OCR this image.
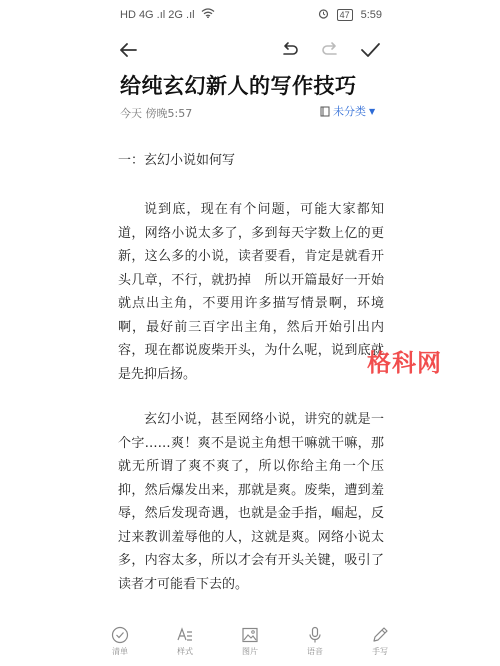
HD 4G .ıl 2G .ıl	47 5:59
给纯玄幻新人的写作技巧
今天 傍晚5:57	未分类 ▼

一：玄幻小说如何写

说到底，现在有个问题，可能大家都知道，网络小说太多了，多到每天字数上亿的更新，这么多的小说，读者要看，肯定是就看开头几章，不行，就扔掉　所以开篇最好一开始就点出主角，不要用许多描写情景啊，环境啊，最好前三百字出主角，然后开始引出内容，现在都说废柴开头，为什么呢，说到底就是先抑后扬。

玄幻小说，甚至网络小说，讲究的就是一个字……爽！爽不是说主角想干嘛就干嘛，那就无所谓了爽不爽了，所以你给主角一个压抑，然后爆发出来，那就是爽。废柴，遭到羞辱，然后发现奇遇，也就是金手指，崛起，反过来教训羞辱他的人，这就是爽。网络小说太多，内容太多，所以才会有开头关键，吸引了读者才可能看下去的。

格科网
清单	样式	图片	语音	手写
